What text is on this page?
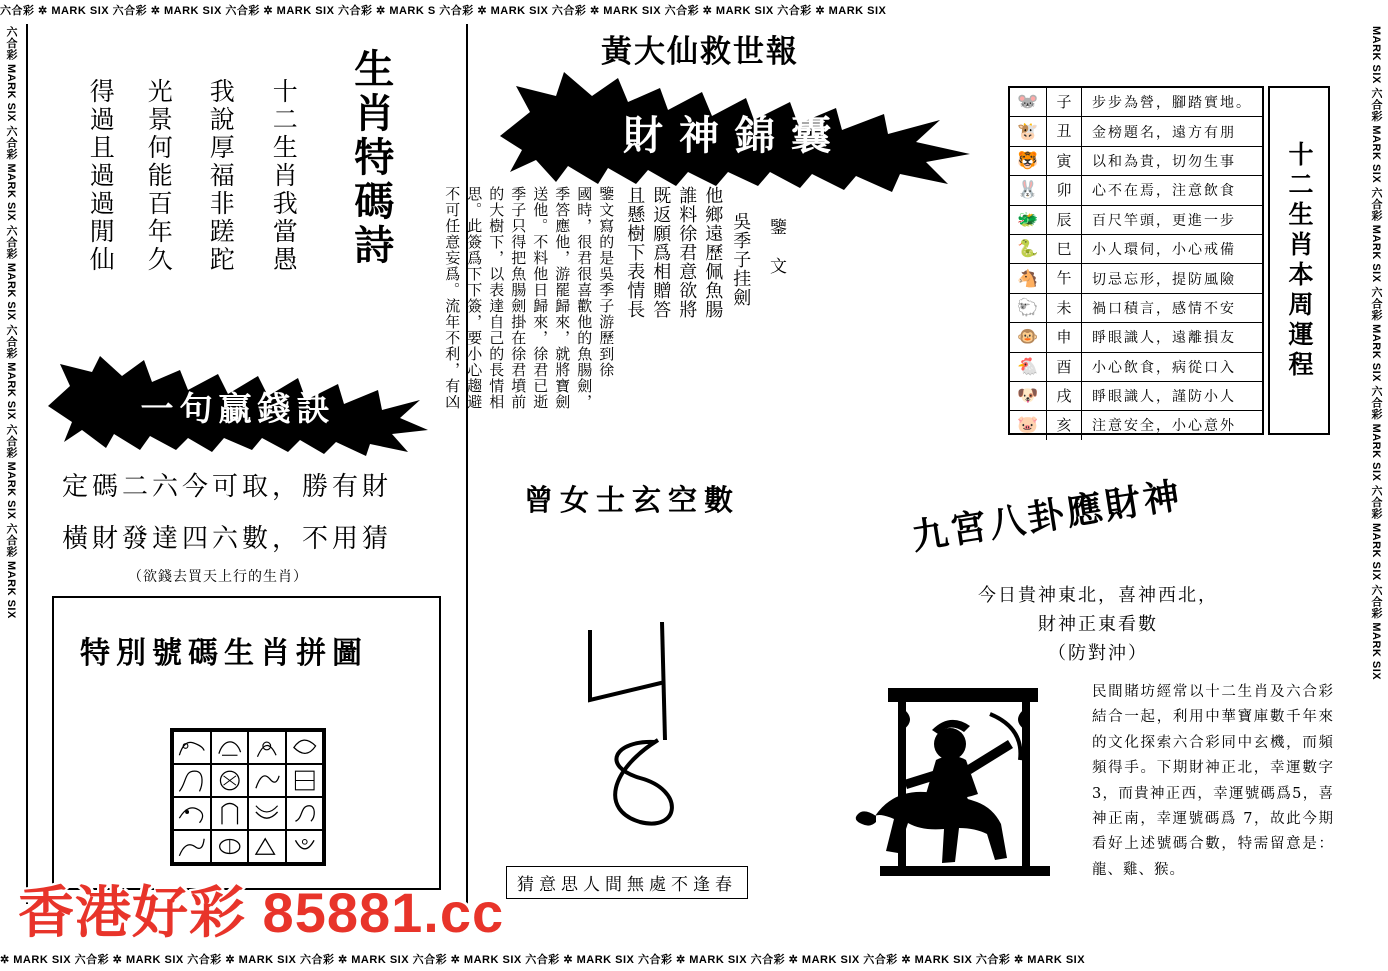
六合彩 ✲ MARK SIX 六合彩 ✲ MARK SIX 六合彩 ✲ MARK SIX 六合彩 ✲ MARK S 六合彩 ✲ MARK SIX 六合彩 ✲ MARK SIX 六合彩 ✲ MARK SIX 六合彩 ✲ MARK SIX
✲ MARK SIX 六合彩 ✲ MARK SIX 六合彩 ✲ MARK SIX 六合彩 ✲ MARK SIX 六合彩 ✲ MARK SIX 六合彩 ✲ MARK SIX 六合彩 ✲ MARK SIX 六合彩 ✲ MARK SIX 六合彩 ✲ MARK SIX 六合彩 ✲ MARK SIX
六合彩 MARK SIX 六合彩 MARK SIX 六合彩 MARK SIX 六合彩 MARK SIX 六合彩 MARK SIX 六合彩 MARK SIX	MARK SIX 六合彩 MARK SIX 六合彩 MARK SIX 六合彩 MARK SIX 六合彩 MARK SIX 六合彩 MARK SIX 六合彩 MARK SIX
黃大仙救世報
生肖特碼詩
十二生肖我當愚
我說厚福非蹉跎
光景何能百年久
得過且過過閒仙
一句贏錢訣
定碼二六今可取，勝有財
橫財發達四六數，不用猜
（欲錢去買天上行的生肖）
特別號碼生肖拼圖
財神錦囊
鑒 文
吳季子挂劍
他鄉遠歷佩魚腸
誰料徐君意欲將
既返願爲相贈答
且懸樹下表情長
鑒文寫的是吳季子游歷到徐
國時，很君很喜歡他的魚腸劍，
季答應他，游罷歸來，就將寶劍
送他。不料他日歸來，徐君已逝
季子只得把魚腸劍掛在徐君墳前
的大樹下，以表達自己的長情相
思。此簽爲下下簽，要小心趨避
不可任意妄爲。流年不利，有凶
曾女士玄空數
猜意思人間無處不逢春
🐭	子	步步為營，腳踏實地。
🐮	丑	金榜題名，遠方有朋
🐯	寅	以和為貴，切勿生事
🐰	卯	心不在焉，注意飲食
🐲	辰	百尺竿頭，更進一步
🐍	巳	小人環伺，小心戒備
🐴	午	切忌忘形，提防風險
🐑	未	禍口積言，感情不安
🐵	申	睜眼識人，遠離損友
🐔	酉	小心飲食，病從口入
🐶	戌	睜眼識人，謹防小人
🐷	亥	注意安全，小心意外
十二生肖本周運程
九宮八卦應財神
今日貴神東北，喜神西北，
財神正東看數
（防對沖）
民間賭坊經常以十二生肖及六合彩結合一起，利用中華寶庫數千年來的文化探索六合彩同中玄機，而頻頻得手。下期財神正北，幸運數字3，而貴神正西，幸運號碼爲5，喜神正南，幸運號碼爲 7，故此今期看好上述號碼合數，特需留意是：龍、雞、猴。
香港好彩 85881.cc
